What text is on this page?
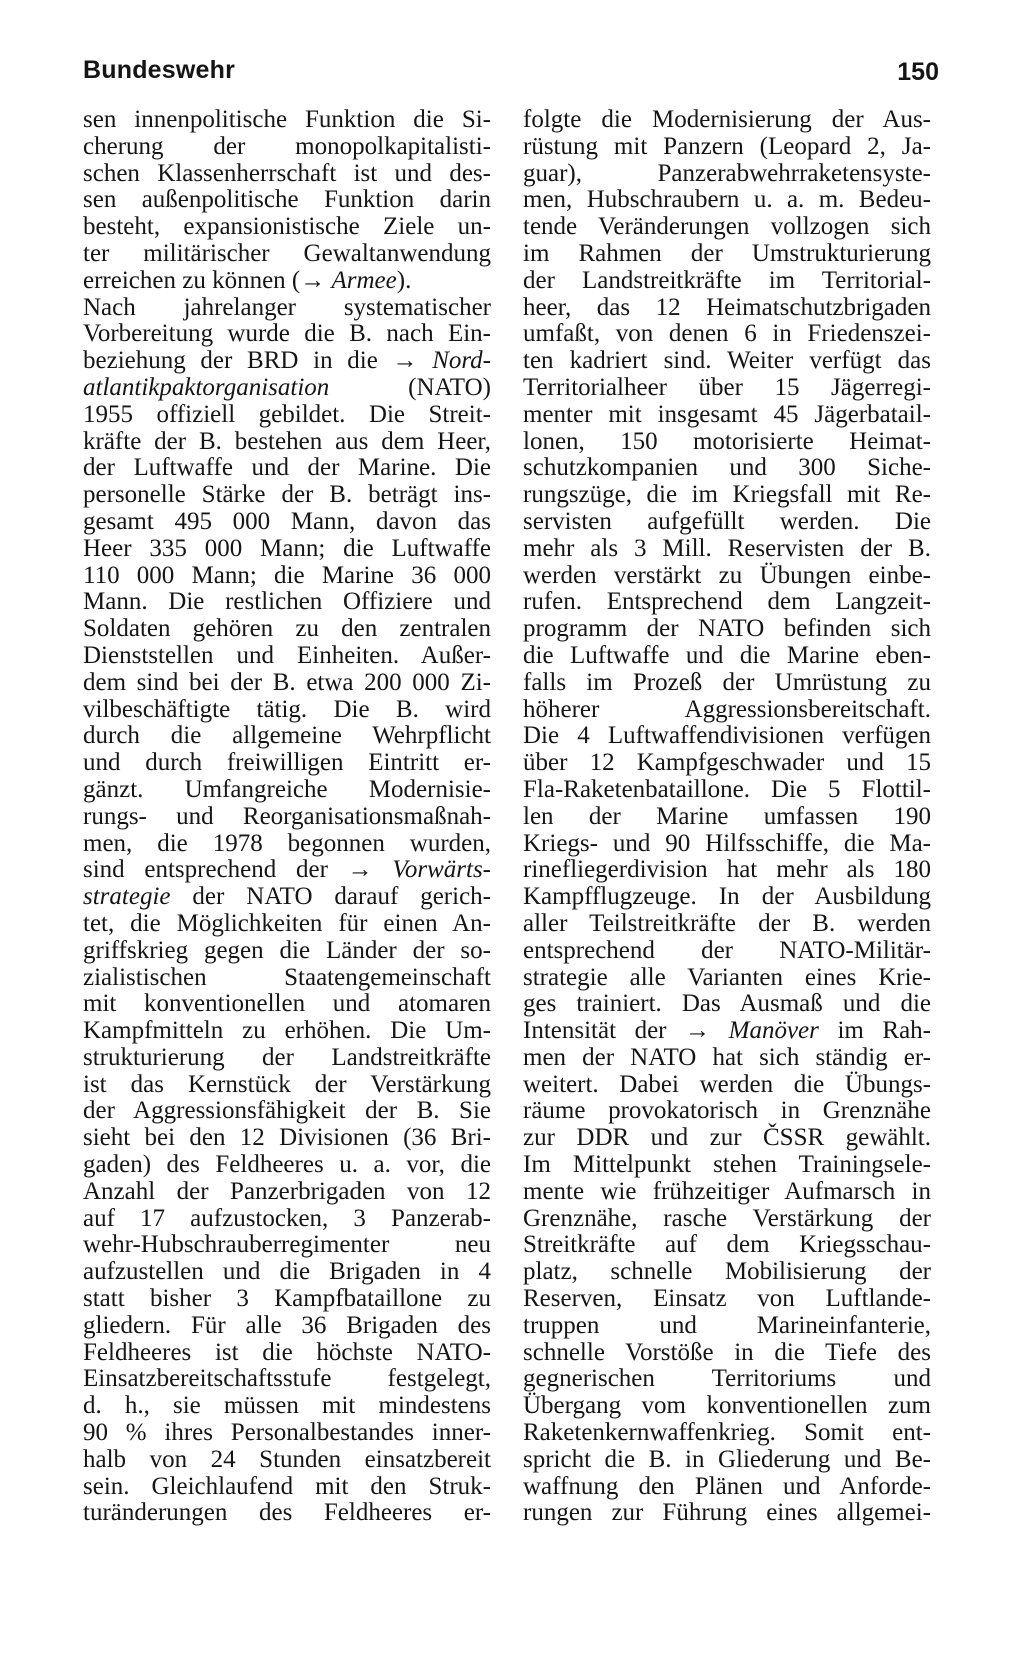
Bundeswehr	150
sen innenpolitische Funktion die Si-
cherung der monopolkapitalisti-
schen Klassenherrschaft ist und des-
sen außenpolitische Funktion darin
besteht, expansionistische Ziele un-
ter militärischer Gewaltanwendung
erreichen zu können (→ Armee).
Nach jahrelanger systematischer
Vorbereitung wurde die B. nach Ein-
beziehung der BRD in die → Nord-
atlantikpaktorganisation (NATO)
1955 offiziell gebildet. Die Streit-
kräfte der B. bestehen aus dem Heer,
der Luftwaffe und der Marine. Die
personelle Stärke der B. beträgt ins-
gesamt 495 000 Mann, davon das
Heer 335 000 Mann; die Luftwaffe
110 000 Mann; die Marine 36 000
Mann. Die restlichen Offiziere und
Soldaten gehören zu den zentralen
Dienststellen und Einheiten. Außer-
dem sind bei der B. etwa 200 000 Zi-
vilbeschäftigte tätig. Die B. wird
durch die allgemeine Wehrpflicht
und durch freiwilligen Eintritt er-
gänzt. Umfangreiche Modernisie-
rungs- und Reorganisationsmaßnah-
men, die 1978 begonnen wurden,
sind entsprechend der → Vorwärts-
strategie der NATO darauf gerich-
tet, die Möglichkeiten für einen An-
griffskrieg gegen die Länder der so-
zialistischen Staatengemeinschaft
mit konventionellen und atomaren
Kampfmitteln zu erhöhen. Die Um-
strukturierung der Landstreitkräfte
ist das Kernstück der Verstärkung
der Aggressionsfähigkeit der B. Sie
sieht bei den 12 Divisionen (36 Bri-
gaden) des Feldheeres u. a. vor, die
Anzahl der Panzerbrigaden von 12
auf 17 aufzustocken, 3 Panzerab-
wehr-Hubschrauberregimenter neu
aufzustellen und die Brigaden in 4
statt bisher 3 Kampfbataillone zu
gliedern. Für alle 36 Brigaden des
Feldheeres ist die höchste NATO-
Einsatzbereitschaftsstufe festgelegt,
d. h., sie müssen mit mindestens
90 % ihres Personalbestandes inner-
halb von 24 Stunden einsatzbereit
sein. Gleichlaufend mit den Struk-
turänderungen des Feldheeres er-
folgte die Modernisierung der Aus-
rüstung mit Panzern (Leopard 2, Ja-
guar), Panzerabwehrraketensyste-
men, Hubschraubern u. a. m. Bedeu-
tende Veränderungen vollzogen sich
im Rahmen der Umstrukturierung
der Landstreitkräfte im Territorial-
heer, das 12 Heimatschutzbrigaden
umfaßt, von denen 6 in Friedenszei-
ten kadriert sind. Weiter verfügt das
Territorialheer über 15 Jägerregi-
menter mit insgesamt 45 Jägerbatail-
lonen, 150 motorisierte Heimat-
schutzkompanien und 300 Siche-
rungszüge, die im Kriegsfall mit Re-
servisten aufgefüllt werden. Die
mehr als 3 Mill. Reservisten der B.
werden verstärkt zu Übungen einbe-
rufen. Entsprechend dem Langzeit-
programm der NATO befinden sich
die Luftwaffe und die Marine eben-
falls im Prozeß der Umrüstung zu
höherer Aggressionsbereitschaft.
Die 4 Luftwaffendivisionen verfügen
über 12 Kampfgeschwader und 15
Fla-Raketenbataillone. Die 5 Flottil-
len der Marine umfassen 190
Kriegs- und 90 Hilfsschiffe, die Ma-
rinefliegerdivision hat mehr als 180
Kampfflugzeuge. In der Ausbildung
aller Teilstreitkräfte der B. werden
entsprechend der NATO-Militär-
strategie alle Varianten eines Krie-
ges trainiert. Das Ausmaß und die
Intensität der → Manöver im Rah-
men der NATO hat sich ständig er-
weitert. Dabei werden die Übungs-
räume provokatorisch in Grenznähe
zur DDR und zur ČSSR gewählt.
Im Mittelpunkt stehen Trainingsele-
mente wie frühzeitiger Aufmarsch in
Grenznähe, rasche Verstärkung der
Streitkräfte auf dem Kriegsschau-
platz, schnelle Mobilisierung der
Reserven, Einsatz von Luftlande-
truppen und Marineinfanterie,
schnelle Vorstöße in die Tiefe des
gegnerischen Territoriums und
Übergang vom konventionellen zum
Raketenkernwaffenkrieg. Somit ent-
spricht die B. in Gliederung und Be-
waffnung den Plänen und Anforde-
rungen zur Führung eines allgemei-
